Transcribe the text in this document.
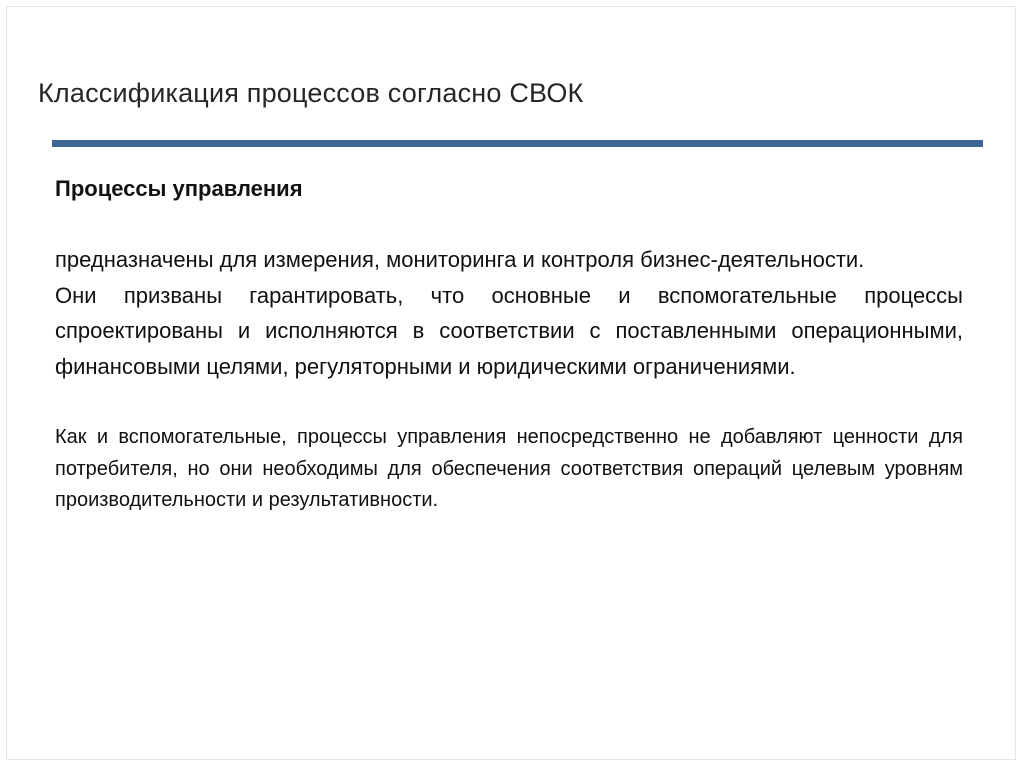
Классификация процессов согласно СВОК
Процессы управления

предназначены для измерения, мониторинга и контроля бизнес-деятельности.

Они призваны гарантировать, что основные и вспомогательные процессы спроектированы и исполняются в соответствии с поставленными операционными, финансовыми целями, регуляторными и юридическими ограничениями.

Как и вспомогательные, процессы управления непосредственно не добавляют ценности для потребителя, но они необходимы для обеспечения соответствия операций целевым уровням производительности и результативности.
